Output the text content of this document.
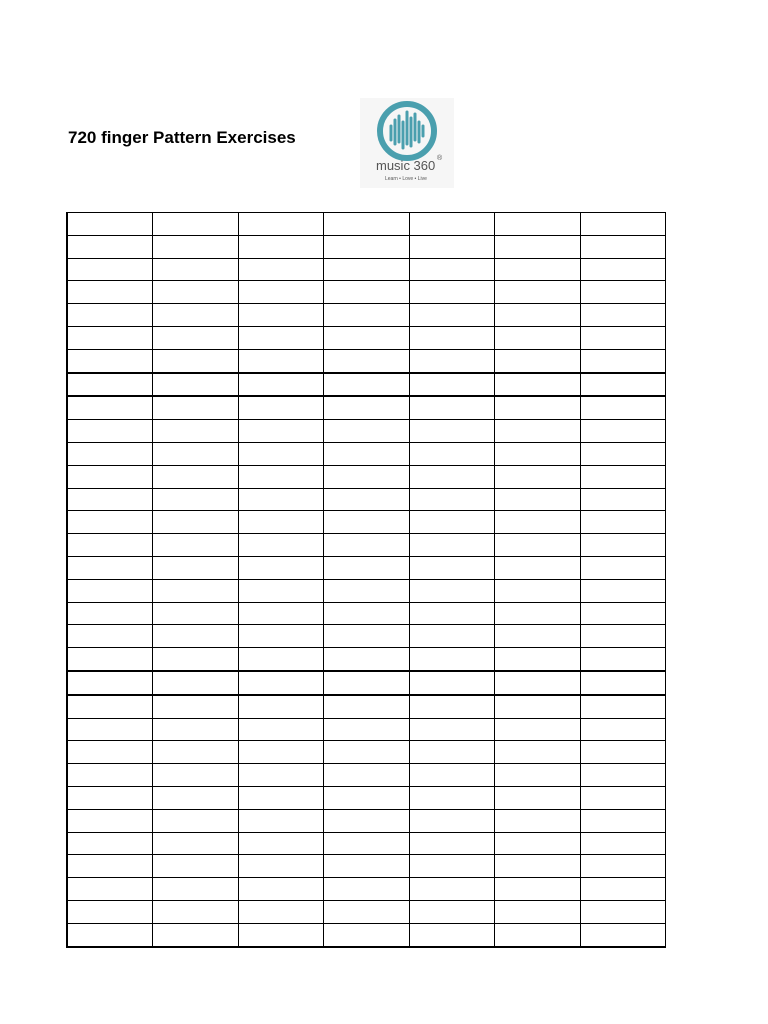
720 finger Pattern Exercises
music 360 ®
Learn • Love • Live
